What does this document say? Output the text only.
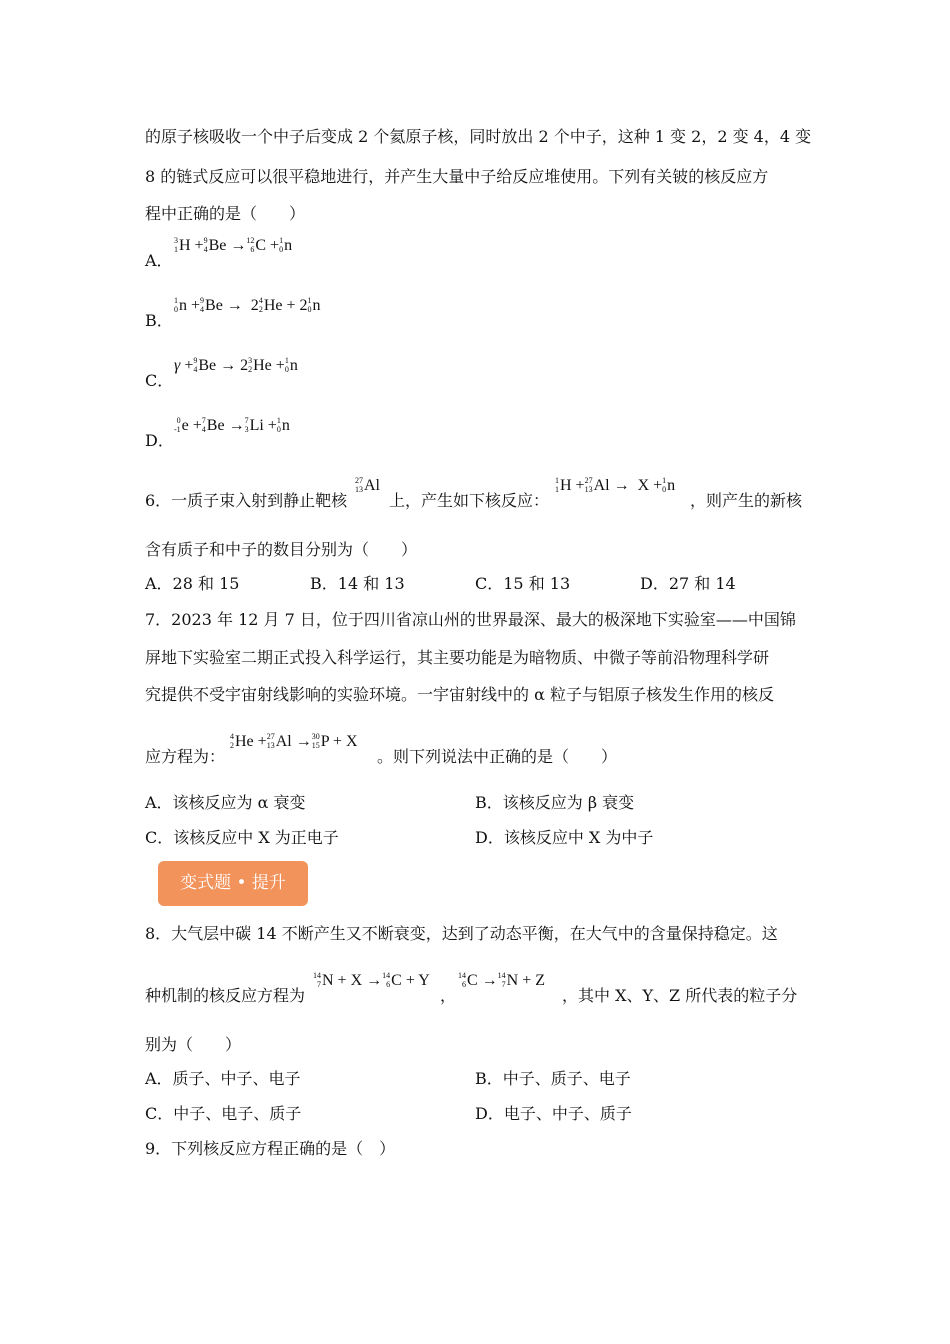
的原子核吸收一个中子后变成 2 个氦原子核，同时放出 2 个中子，这种 1 变 2，2 变 4，4 变
8 的链式反应可以很平稳地进行，并产生大量中子给反应堆使用。下列有关铍的核反应方
程中正确的是（　　）
A．
3
1 H + 9
4 Be → 12
6 C + 1
0 n
B．
1
0 n + 9
4 Be →  2 4
2 He + 2 1
0 n
C．
γ + 9
4 Be → 2 3
2 He + 1
0 n
D．
0
-1 e + 7
4 Be → 7
3 Li + 1
0 n
6．一质子束入射到静止靶核
27
13 Al
上，产生如下核反应：
1
1 H + 27
13 Al →  X + 1
0 n
，则产生的新核
含有质子和中子的数目分别为（　　）
A．28 和 15	B．14 和 13	C．15 和 13	D．27 和 14
7．2023 年 12 月 7 日，位于四川省凉山州的世界最深、最大的极深地下实验室——中国锦
屏地下实验室二期正式投入科学运行，其主要功能是为暗物质、中微子等前沿物理科学研
究提供不受宇宙射线影响的实验环境。一宇宙射线中的 α 粒子与铝原子核发生作用的核反
应方程为：
4
2 He + 27
13 Al → 30
15 P + X
。则下列说法中正确的是（　　）
A．该核反应为 α 衰变	B．该核反应为 β 衰变
C．该核反应中 X 为正电子	D．该核反应中 X 为中子
变式题 • 提升
8．大气层中碳 14 不断产生又不断衰变，达到了动态平衡，在大气中的含量保持稳定。这
种机制的核反应方程为
14
7 N + X → 14
6 C + Y
，
14
6 C → 14
7 N + Z
，其中 X、Y、Z 所代表的粒子分
别为（　　）
A．质子、中子、电子	B．中子、质子、电子
C．中子、电子、质子	D．电子、中子、质子
9．下列核反应方程正确的是（　）
